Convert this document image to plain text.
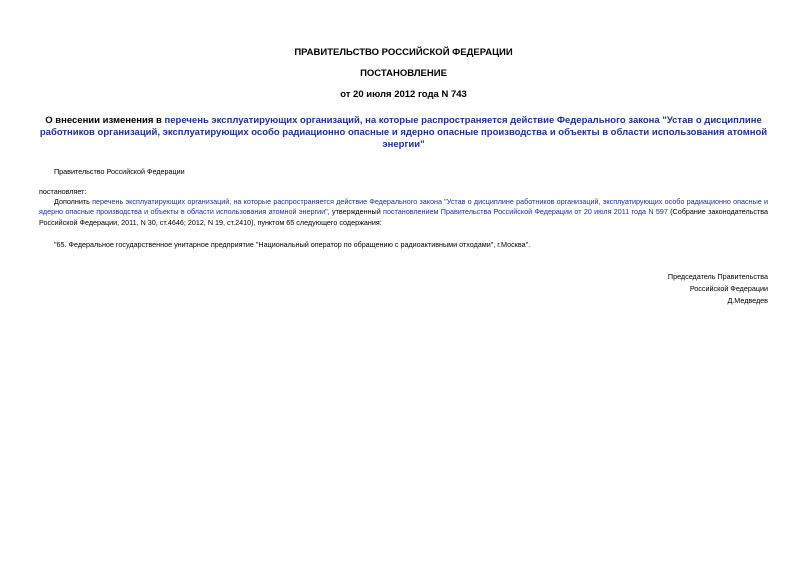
ПРАВИТЕЛЬСТВО РОССИЙСКОЙ ФЕДЕРАЦИИ
ПОСТАНОВЛЕНИЕ
от 20 июля 2012 года N 743
О внесении изменения в перечень эксплуатирующих организаций, на которые распространяется действие Федерального закона "Устав о дисциплине работников организаций, эксплуатирующих особо радиационно опасные и ядерно опасные производства и объекты в области использования атомной энергии"
Правительство Российской Федерации
постановляет:
Дополнить перечень эксплуатирующих организаций, на которые распространяется действие Федерального закона "Устав о дисциплине работников организаций, эксплуатирующих особо радиационно опасные и ядерно опасные производства и объекты в области использования атомной энергии", утвержденный постановлением Правительства Российской Федерации от 20 июля 2011 года N 597 (Собрание законодательства Российской Федерации, 2011, N 30, ст.4646; 2012, N 19, ст.2410), пунктом 65 следующего содержания:
"65. Федеральное государственное унитарное предприятие "Национальный оператор по обращению с радиоактивными отходами", г.Москва".
Председатель Правительства
Российской Федерации
Д.Медведев
